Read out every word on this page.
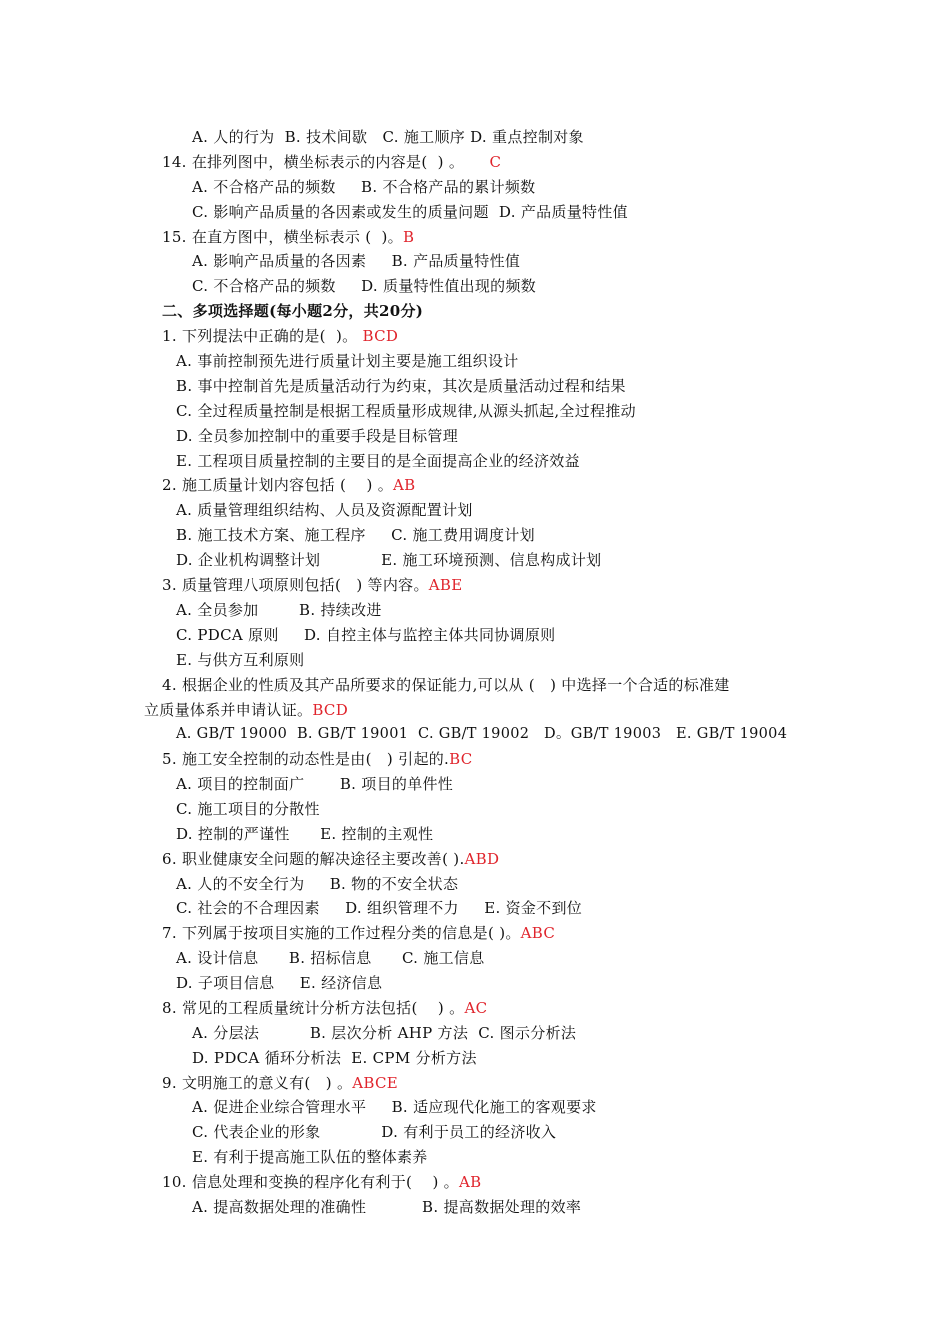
A. 人的行为  B. 技术间歇   C. 施工顺序 D. 重点控制对象
14. 在排列图中，横坐标表示的内容是(  ) 。     C
A. 不合格产品的频数     B. 不合格产品的累计频数
C. 影响产品质量的各因素或发生的质量问题  D. 产品质量特性值
15. 在直方图中，横坐标表示 (  )。B
A. 影响产品质量的各因素     B. 产品质量特性值
C. 不合格产品的频数     D. 质量特性值出现的频数
二、多项选择题(每小题2分，共20分)
1. 下列提法中正确的是(  )。 BCD
A. 事前控制预先进行质量计划主要是施工组织设计
B. 事中控制首先是质量活动行为约束，其次是质量活动过程和结果
C. 全过程质量控制是根据工程质量形成规律,从源头抓起,全过程推动
D. 全员参加控制中的重要手段是目标管理
E. 工程项目质量控制的主要目的是全面提高企业的经济效益
2. 施工质量计划内容包括 (    ) 。AB
A. 质量管理组织结构、人员及资源配置计划
B. 施工技术方案、施工程序     C. 施工费用调度计划
D. 企业机构调整计划            E. 施工环境预测、信息构成计划
3. 质量管理八项原则包括(   ) 等内容。ABE
A. 全员参加        B. 持续改进
C. PDCA 原则     D. 自控主体与监控主体共同协调原则
E. 与供方互利原则
4. 根据企业的性质及其产品所要求的保证能力,可以从 (   ) 中选择一个合适的标准建
立质量体系并申请认证。BCD
A. GB/T 19000  B. GB/T 19001  C. GB/T 19002   D。GB/T 19003   E. GB/T 19004
5. 施工安全控制的动态性是由(   ) 引起的.BC
A. 项目的控制面广       B. 项目的单件性
C. 施工项目的分散性
D. 控制的严谨性      E. 控制的主观性
6. 职业健康安全问题的解决途径主要改善( ).ABD
A. 人的不安全行为     B. 物的不安全状态
C. 社会的不合理因素     D. 组织管理不力     E. 资金不到位
7. 下列属于按项目实施的工作过程分类的信息是( )。ABC
A. 设计信息      B. 招标信息      C. 施工信息
D. 子项目信息     E. 经济信息
8. 常见的工程质量统计分析方法包括(    ) 。AC
A. 分层法          B. 层次分析 AHP 方法  C. 图示分析法
D. PDCA 循环分析法  E. CPM 分析方法
9. 文明施工的意义有(   ) 。ABCE
A. 促进企业综合管理水平     B. 适应现代化施工的客观要求
C. 代表企业的形象            D. 有利于员工的经济收入
E. 有利于提高施工队伍的整体素养
10. 信息处理和变换的程序化有利于(    ) 。AB
A. 提高数据处理的准确性           B. 提高数据处理的效率
